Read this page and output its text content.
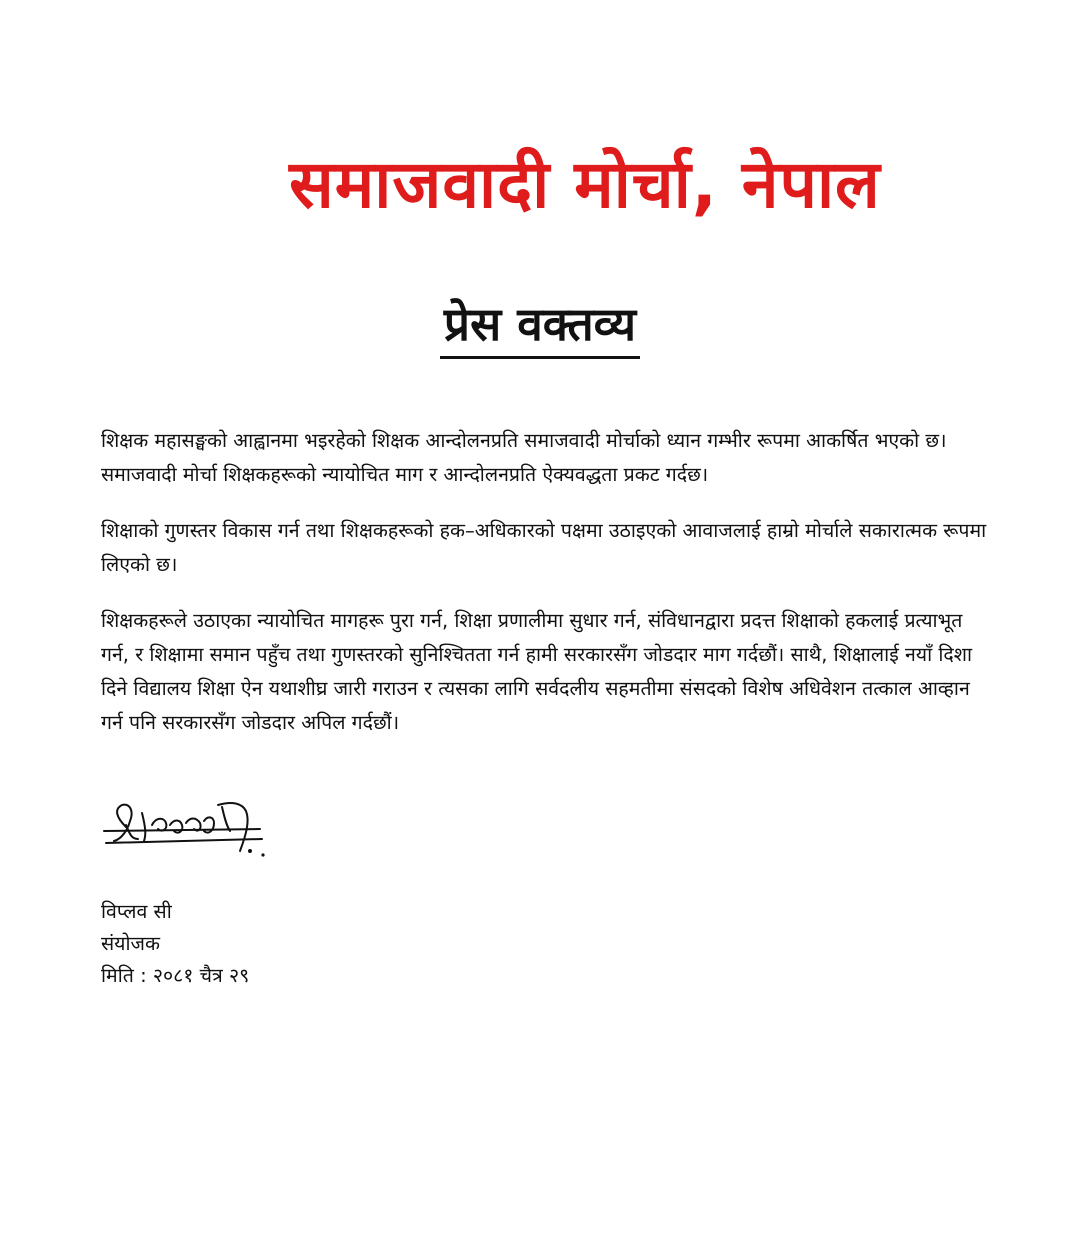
समाजवादी मोर्चा, नेपाल
प्रेस वक्तव्य

शिक्षक महासङ्घको आह्वानमा भइरहेको शिक्षक आन्दोलनप्रति समाजवादी मोर्चाको ध्यान गम्भीर रूपमा आकर्षित भएको छ। समाजवादी मोर्चा शिक्षकहरूको न्यायोचित माग र आन्दोलनप्रति ऐक्यवद्धता प्रकट गर्दछ।

शिक्षाको गुणस्तर विकास गर्न तथा शिक्षकहरूको हक–अधिकारको पक्षमा उठाइएको आवाजलाई हाम्रो मोर्चाले सकारात्मक रूपमा लिएको छ।

शिक्षकहरूले उठाएका न्यायोचित मागहरू पुरा गर्न, शिक्षा प्रणालीमा सुधार गर्न, संविधानद्वारा प्रदत्त शिक्षाको हकलाई प्रत्याभूत गर्न, र शिक्षामा समान पहुँच तथा गुणस्तरको सुनिश्चितता गर्न हामी सरकारसँग जोडदार माग गर्दछौं। साथै, शिक्षालाई नयाँ दिशा दिने विद्यालय शिक्षा ऐन यथाशीघ्र जारी गराउन र त्यसका लागि सर्वदलीय सहमतीमा संसदको विशेष अधिवेशन तत्काल आव्हान गर्न पनि सरकारसँग जोडदार अपिल गर्दछौं।

विप्लव सी
संयोजक
मिति : २०८१ चैत्र २९
